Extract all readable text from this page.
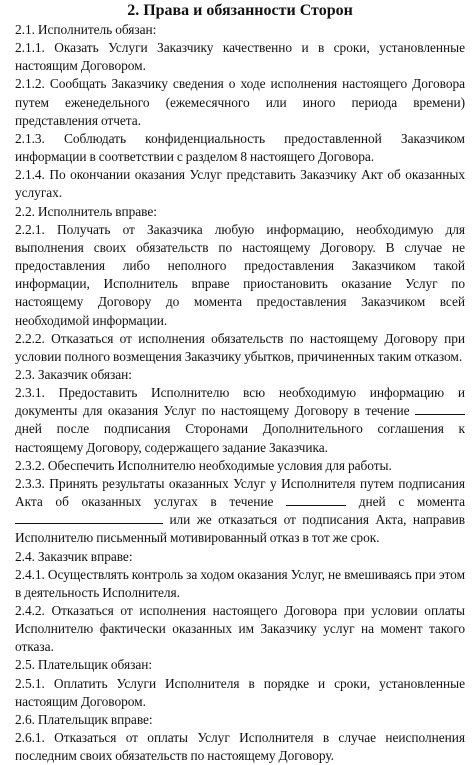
2. Права и обязанности Сторон

2.1. Исполнитель обязан:

2.1.1. Оказать Услуги Заказчику качественно и в сроки, установленные настоящим Договором.

2.1.2. Сообщать Заказчику сведения о ходе исполнения настоящего Договора путем еженедельного (ежемесячного или иного периода времени) представления отчета.

2.1.3. Соблюдать конфиденциальность предоставленной Заказчиком информации в соответствии с разделом 8 настоящего Договора.

2.1.4. По окончании оказания Услуг представить Заказчику Акт об оказанных услугах.

2.2. Исполнитель вправе:

2.2.1. Получать от Заказчика любую информацию, необходимую для выполнения своих обязательств по настоящему Договору. В случае не предоставления либо неполного предоставления Заказчиком такой информации, Исполнитель вправе приостановить оказание Услуг по настоящему Договору до момента предоставления Заказчиком всей необходимой информации.

2.2.2. Отказаться от исполнения обязательств по настоящему Договору при условии полного возмещения Заказчику убытков, причиненных таким отказом.

2.3. Заказчик обязан:

2.3.1. Предоставить Исполнителю всю необходимую информацию и документы для оказания Услуг по настоящему Договору в течение  дней после подписания Сторонами Дополнительного соглашения к настоящему Договору, содержащего задание Заказчика.

2.3.2. Обеспечить Исполнителю необходимые условия для работы.

2.3.3. Принять результаты оказанных Услуг у Исполнителя путем подписания Акта об оказанных услугах в течение	дней с момента  или же отказаться от подписания Акта, направив Исполнителю письменный мотивированный отказ в тот же срок.

2.4. Заказчик вправе:

2.4.1. Осуществлять контроль за ходом оказания Услуг, не вмешиваясь при этом в деятельность Исполнителя.

2.4.2. Отказаться от исполнения настоящего Договора при условии оплаты Исполнителю фактически оказанных им Заказчику услуг на момент такого отказа.

2.5. Плательщик обязан:

2.5.1. Оплатить Услуги Исполнителя в порядке и сроки, установленные настоящим Договором.

2.6. Плательщик вправе:

2.6.1. Отказаться от оплаты Услуг Исполнителя в случае неисполнения последним своих обязательств по настоящему Договору.
